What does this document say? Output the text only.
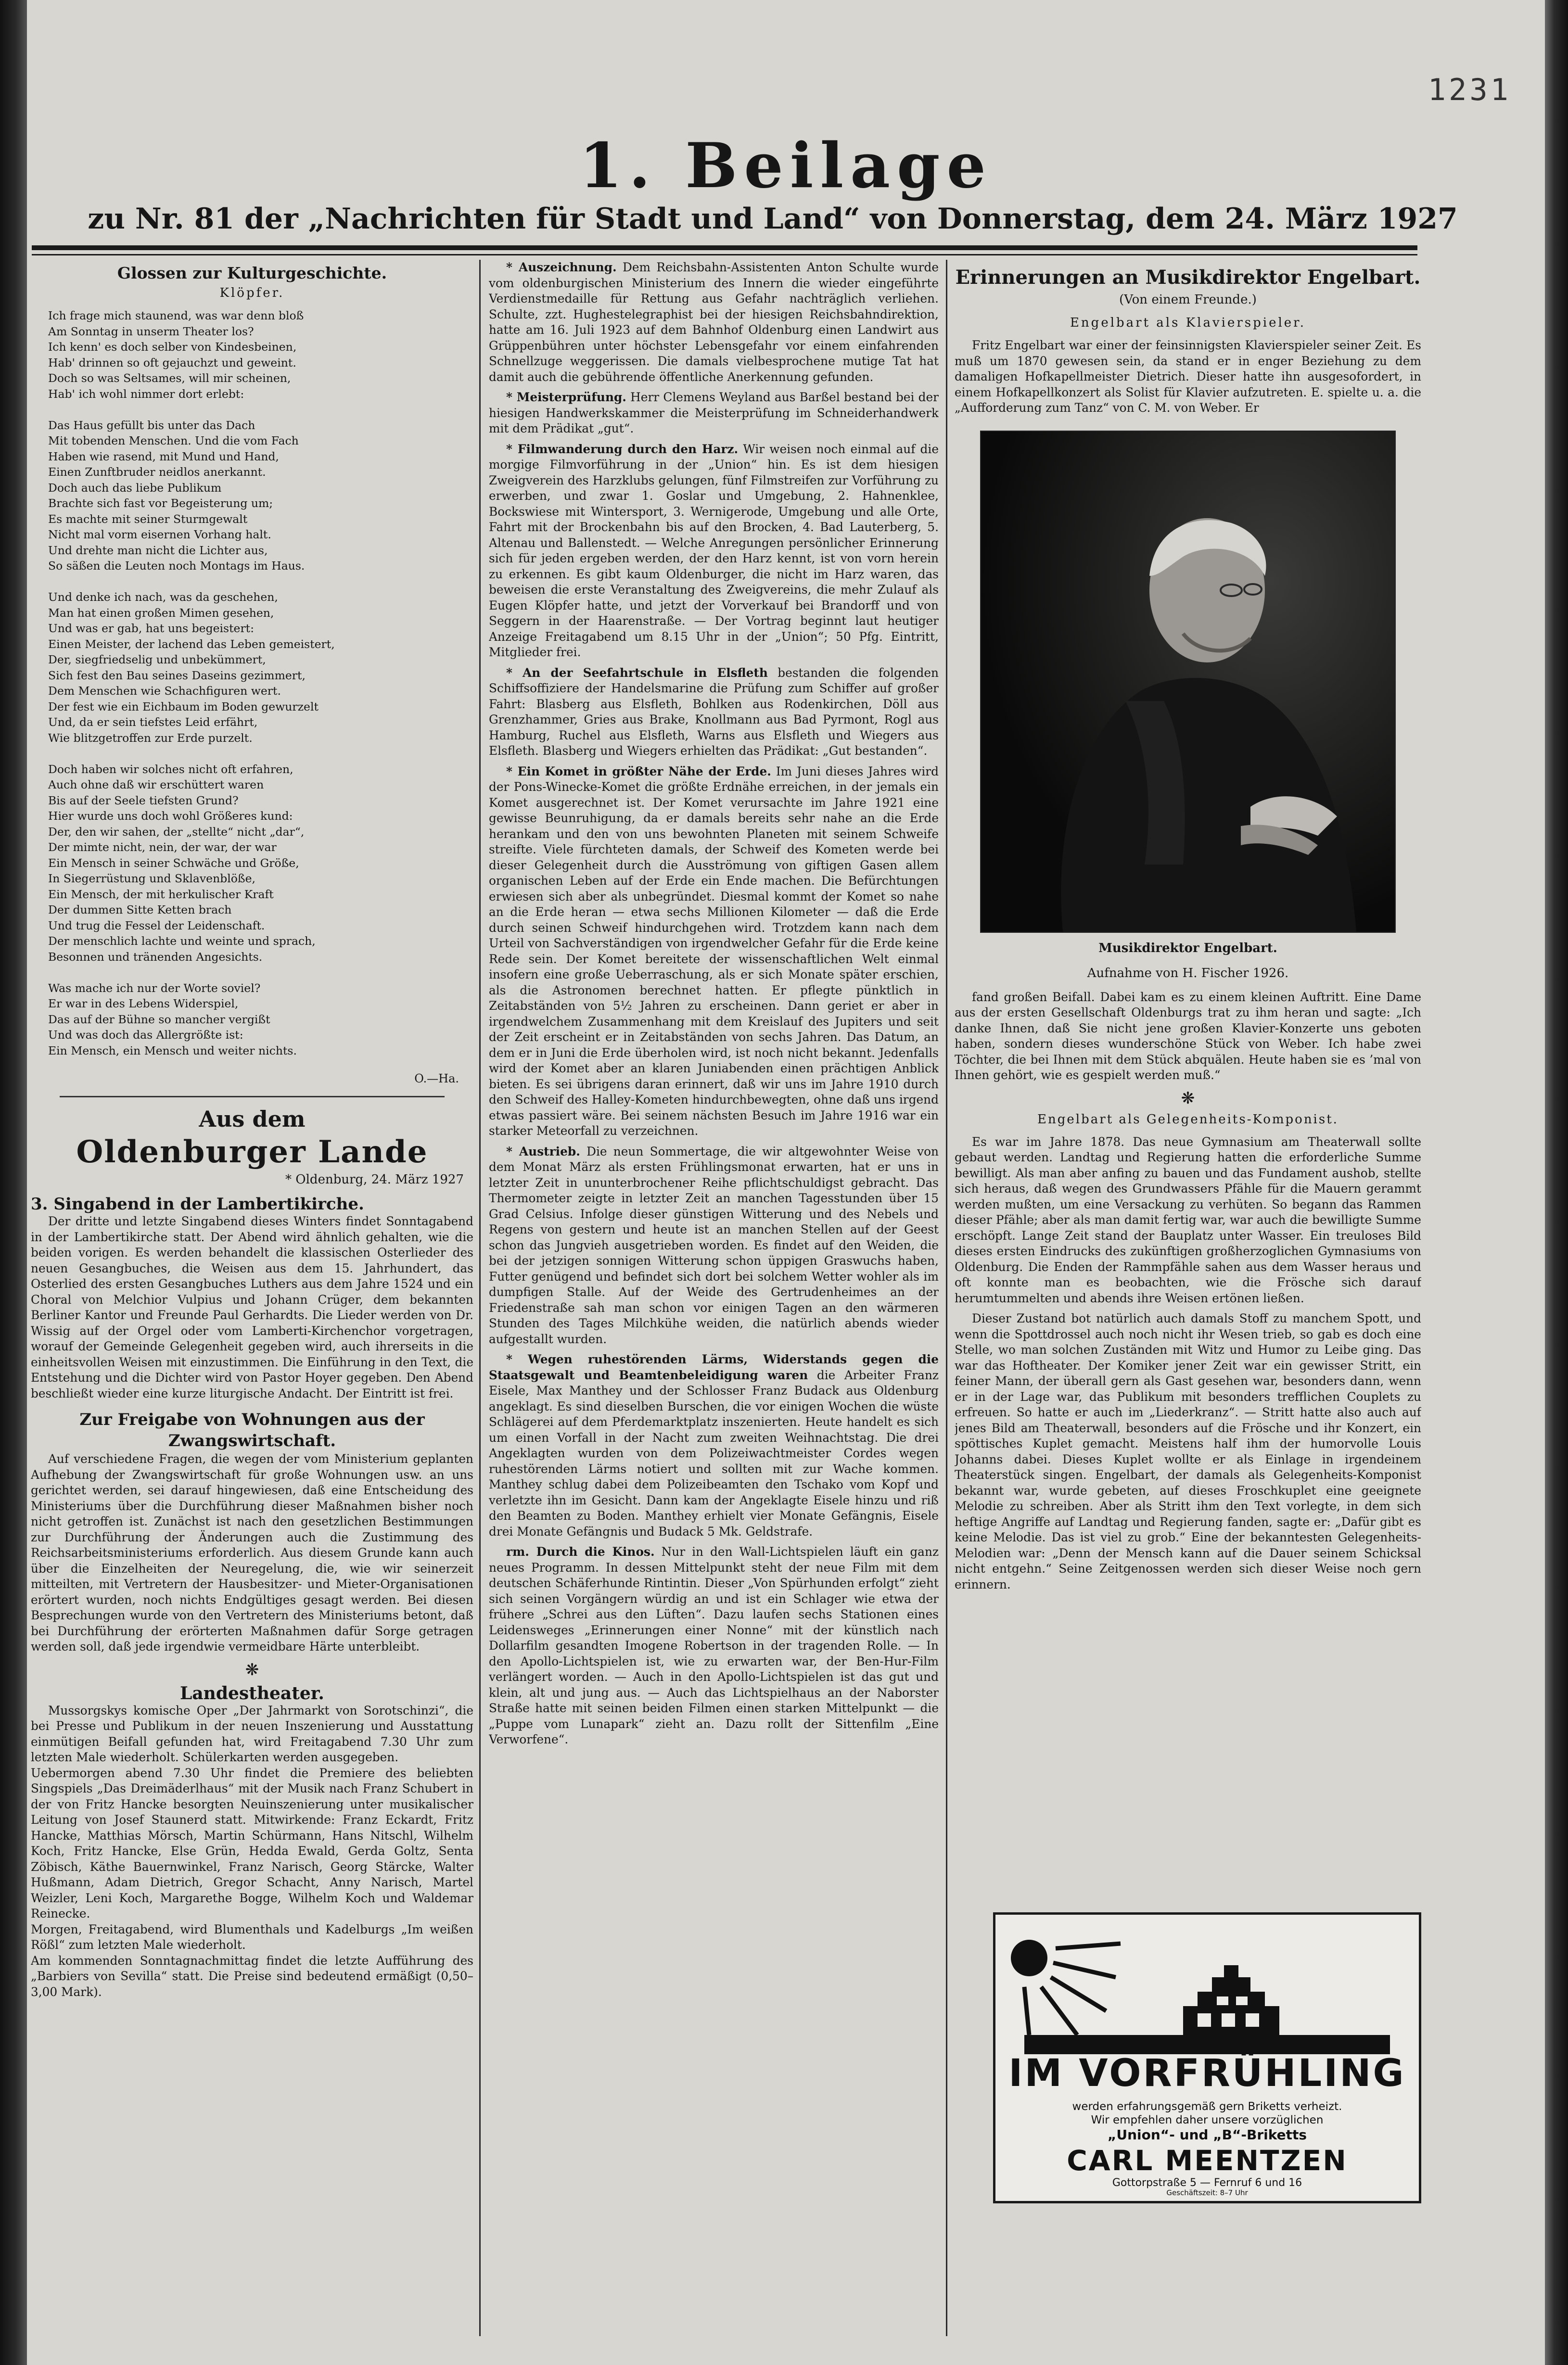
1231
1. Beilage
zu Nr. 81 der „Nachrichten für Stadt und Land“ von Donnerstag, dem 24. März 1927

Glossen zur Kulturgeschichte.

Klöpfer.
Ich frage mich staunend, was war denn bloß
Am Sonntag in unserm Theater los?
Ich kenn' es doch selber von Kindesbeinen,
Hab' drinnen so oft gejauchzt und geweint.
Doch so was Seltsames, will mir scheinen,
Hab' ich wohl nimmer dort erlebt:

Das Haus gefüllt bis unter das Dach
Mit tobenden Menschen. Und die vom Fach
Haben wie rasend, mit Mund und Hand,
Einen Zunftbruder neidlos anerkannt.
Doch auch das liebe Publikum
Brachte sich fast vor Begeisterung um;
Es machte mit seiner Sturmgewalt
Nicht mal vorm eisernen Vorhang halt.
Und drehte man nicht die Lichter aus,
So säßen die Leuten noch Montags im Haus.

Und denke ich nach, was da geschehen,
Man hat einen großen Mimen gesehen,
Und was er gab, hat uns begeistert:
Einen Meister, der lachend das Leben gemeistert,
Der, siegfriedselig und unbekümmert,
Sich fest den Bau seines Daseins gezimmert,
Dem Menschen wie Schachfiguren wert.
Der fest wie ein Eichbaum im Boden gewurzelt
Und, da er sein tiefstes Leid erfährt,
Wie blitzgetroffen zur Erde purzelt.

Doch haben wir solches nicht oft erfahren,
Auch ohne daß wir erschüttert waren
Bis auf der Seele tiefsten Grund?
Hier wurde uns doch wohl Größeres kund:
Der, den wir sahen, der „stellte“ nicht „dar“,
Der mimte nicht, nein, der war, der war
Ein Mensch in seiner Schwäche und Größe,
In Siegerrüstung und Sklavenblöße,
Ein Mensch, der mit herkulischer Kraft
Der dummen Sitte Ketten brach
Und trug die Fessel der Leidenschaft.
Der menschlich lachte und weinte und sprach,
Besonnen und tränenden Angesichts.

Was mache ich nur der Worte soviel?
Er war in des Lebens Widerspiel,
Das auf der Bühne so mancher vergißt
Und was doch das Allergrößte ist:
Ein Mensch, ein Mensch und weiter nichts.
O.—Ha.

Aus dem

Oldenburger Lande

* Oldenburg, 24. März 1927

3. Singabend in der Lambertikirche.

Der dritte und letzte Singabend dieses Winters findet Sonntagabend in der Lambertikirche statt. Der Abend wird ähnlich gehalten, wie die beiden vorigen. Es werden behandelt die klassischen Osterlieder des neuen Gesangbuches, die Weisen aus dem 15. Jahrhundert, das Osterlied des ersten Gesangbuches Luthers aus dem Jahre 1524 und ein Choral von Melchior Vulpius und Johann Crüger, dem bekannten Berliner Kantor und Freunde Paul Gerhardts. Die Lieder werden von Dr. Wissig auf der Orgel oder vom Lamberti-Kirchenchor vorgetragen, worauf der Gemeinde Gelegenheit gegeben wird, auch ihrerseits in die einheitsvollen Weisen mit einzustimmen. Die Einführung in den Text, die Entstehung und die Dichter wird von Pastor Hoyer gegeben. Den Abend beschließt wieder eine kurze liturgische Andacht. Der Eintritt ist frei.

Zur Freigabe von Wohnungen aus der Zwangswirtschaft.

Auf verschiedene Fragen, die wegen der vom Ministerium geplanten Aufhebung der Zwangswirtschaft für große Wohnungen usw. an uns gerichtet werden, sei darauf hingewiesen, daß eine Entscheidung des Ministeriums über die Durchführung dieser Maßnahmen bisher noch nicht getroffen ist. Zunächst ist nach den gesetzlichen Bestimmungen zur Durchführung der Änderungen auch die Zustimmung des Reichsarbeitsministeriums erforderlich. Aus diesem Grunde kann auch über die Einzelheiten der Neuregelung, die, wie wir seinerzeit mitteilten, mit Vertretern der Hausbesitzer- und Mieter-Organisationen erörtert wurden, noch nichts Endgültiges gesagt werden. Bei diesen Besprechungen wurde von den Vertretern des Ministeriums betont, daß bei Durchführung der erörterten Maßnahmen dafür Sorge getragen werden soll, daß jede irgendwie vermeidbare Härte unterbleibt.

❋

Landestheater.

Mussorgskys komische Oper „Der Jahrmarkt von Sorotschinzi“, die bei Presse und Publikum in der neuen Inszenierung und Ausstattung einmütigen Beifall gefunden hat, wird Freitagabend 7.30 Uhr zum letzten Male wiederholt. Schülerkarten werden ausgegeben.
Uebermorgen abend 7.30 Uhr findet die Premiere des beliebten Singspiels „Das Dreimäderlhaus“ mit der Musik nach Franz Schubert in der von Fritz Hancke besorgten Neuinszenierung unter musikalischer Leitung von Josef Staunerd statt. Mitwirkende: Franz Eckardt, Fritz Hancke, Matthias Mörsch, Martin Schürmann, Hans Nitschl, Wilhelm Koch, Fritz Hancke, Else Grün, Hedda Ewald, Gerda Goltz, Senta Zöbisch, Käthe Bauernwinkel, Franz Narisch, Georg Stärcke, Walter Hußmann, Adam Dietrich, Gregor Schacht, Anny Narisch, Martel Weizler, Leni Koch, Margarethe Bogge, Wilhelm Koch und Waldemar Reinecke.
Morgen, Freitagabend, wird Blumenthals und Kadelburgs „Im weißen Rößl“ zum letzten Male wiederholt.
Am kommenden Sonntagnachmittag findet die letzte Aufführung des „Barbiers von Sevilla“ statt. Die Preise sind bedeutend ermäßigt (0,50–3,00 Mark).

* Auszeichnung. Dem Reichsbahn-Assistenten Anton Schulte wurde vom oldenburgischen Ministerium des Innern die wieder eingeführte Verdienstmedaille für Rettung aus Gefahr nachträglich verliehen. Schulte, zzt. Hughestelegraphist bei der hiesigen Reichsbahndirektion, hatte am 16. Juli 1923 auf dem Bahnhof Oldenburg einen Landwirt aus Grüppenbühren unter höchster Lebensgefahr vor einem einfahrenden Schnellzuge weggerissen. Die damals vielbesprochene mutige Tat hat damit auch die gebührende öffentliche Anerkennung gefunden.

* Meisterprüfung. Herr Clemens Weyland aus Barßel bestand bei der hiesigen Handwerkskammer die Meisterprüfung im Schneiderhandwerk mit dem Prädikat „gut“.

* Filmwanderung durch den Harz. Wir weisen noch einmal auf die morgige Filmvorführung in der „Union“ hin. Es ist dem hiesigen Zweigverein des Harzklubs gelungen, fünf Filmstreifen zur Vorführung zu erwerben, und zwar 1. Goslar und Umgebung, 2. Hahnenklee, Bockswiese mit Wintersport, 3. Wernigerode, Umgebung und alle Orte, Fahrt mit der Brockenbahn bis auf den Brocken, 4. Bad Lauterberg, 5. Altenau und Ballenstedt. — Welche Anregungen persönlicher Erinnerung sich für jeden ergeben werden, der den Harz kennt, ist von vorn herein zu erkennen. Es gibt kaum Oldenburger, die nicht im Harz waren, das beweisen die erste Veranstaltung des Zweigvereins, die mehr Zulauf als Eugen Klöpfer hatte, und jetzt der Vorverkauf bei Brandorff und von Seggern in der Haarenstraße. — Der Vortrag beginnt laut heutiger Anzeige Freitagabend um 8.15 Uhr in der „Union“; 50 Pfg. Eintritt, Mitglieder frei.

* An der Seefahrtschule in Elsfleth bestanden die folgenden Schiffsoffiziere der Handelsmarine die Prüfung zum Schiffer auf großer Fahrt: Blasberg aus Elsfleth, Bohlken aus Rodenkirchen, Döll aus Grenzhammer, Gries aus Brake, Knollmann aus Bad Pyrmont, Rogl aus Hamburg, Ruchel aus Elsfleth, Warns aus Elsfleth und Wiegers aus Elsfleth. Blasberg und Wiegers erhielten das Prädikat: „Gut bestanden“.

* Ein Komet in größter Nähe der Erde. Im Juni dieses Jahres wird der Pons-Winecke-Komet die größte Erdnähe erreichen, in der jemals ein Komet ausgerechnet ist. Der Komet verursachte im Jahre 1921 eine gewisse Beunruhigung, da er damals bereits sehr nahe an die Erde herankam und den von uns bewohnten Planeten mit seinem Schweife streifte. Viele fürchteten damals, der Schweif des Kometen werde bei dieser Gelegenheit durch die Ausströmung von giftigen Gasen allem organischen Leben auf der Erde ein Ende machen. Die Befürchtungen erwiesen sich aber als unbegründet. Diesmal kommt der Komet so nahe an die Erde heran — etwa sechs Millionen Kilometer — daß die Erde durch seinen Schweif hindurchgehen wird. Trotzdem kann nach dem Urteil von Sachverständigen von irgendwelcher Gefahr für die Erde keine Rede sein. Der Komet bereitete der wissenschaftlichen Welt einmal insofern eine große Ueberraschung, als er sich Monate später erschien, als die Astronomen berechnet hatten. Er pflegte pünktlich in Zeitabständen von 5½ Jahren zu erscheinen. Dann geriet er aber in irgendwelchem Zusammenhang mit dem Kreislauf des Jupiters und seit der Zeit erscheint er in Zeitabständen von sechs Jahren. Das Datum, an dem er in Juni die Erde überholen wird, ist noch nicht bekannt. Jedenfalls wird der Komet aber an klaren Juniabenden einen prächtigen Anblick bieten. Es sei übrigens daran erinnert, daß wir uns im Jahre 1910 durch den Schweif des Halley-Kometen hindurchbewegten, ohne daß uns irgend etwas passiert wäre. Bei seinem nächsten Besuch im Jahre 1916 war ein starker Meteorfall zu verzeichnen.

* Austrieb. Die neun Sommertage, die wir altgewohnter Weise von dem Monat März als ersten Frühlingsmonat erwarten, hat er uns in letzter Zeit in ununterbrochener Reihe pflichtschuldigst gebracht. Das Thermometer zeigte in letzter Zeit an manchen Tagesstunden über 15 Grad Celsius. Infolge dieser günstigen Witterung und des Nebels und Regens von gestern und heute ist an manchen Stellen auf der Geest schon das Jungvieh ausgetrieben worden. Es findet auf den Weiden, die bei der jetzigen sonnigen Witterung schon üppigen Graswuchs haben, Futter genügend und befindet sich dort bei solchem Wetter wohler als im dumpfigen Stalle. Auf der Weide des Gertrudenheimes an der Friedenstraße sah man schon vor einigen Tagen an den wärmeren Stunden des Tages Milchkühe weiden, die natürlich abends wieder aufgestallt wurden.

* Wegen ruhestörenden Lärms, Widerstands gegen die Staatsgewalt und Beamtenbeleidigung waren die Arbeiter Franz Eisele, Max Manthey und der Schlosser Franz Budack aus Oldenburg angeklagt. Es sind dieselben Burschen, die vor einigen Wochen die wüste Schlägerei auf dem Pferdemarktplatz inszenierten. Heute handelt es sich um einen Vorfall in der Nacht zum zweiten Weihnachtstag. Die drei Angeklagten wurden von dem Polizeiwachtmeister Cordes wegen ruhestörenden Lärms notiert und sollten mit zur Wache kommen. Manthey schlug dabei dem Polizeibeamten den Tschako vom Kopf und verletzte ihn im Gesicht. Dann kam der Angeklagte Eisele hinzu und riß den Beamten zu Boden. Manthey erhielt vier Monate Gefängnis, Eisele drei Monate Gefängnis und Budack 5 Mk. Geldstrafe.

rm. Durch die Kinos. Nur in den Wall-Lichtspielen läuft ein ganz neues Programm. In dessen Mittelpunkt steht der neue Film mit dem deutschen Schäferhunde Rintintin. Dieser „Von Spürhunden erfolgt“ zieht sich seinen Vorgängern würdig an und ist ein Schlager wie etwa der frühere „Schrei aus den Lüften“. Dazu laufen sechs Stationen eines Leidensweges „Erinnerungen einer Nonne“ mit der künstlich nach Dollarfilm gesandten Imogene Robertson in der tragenden Rolle. — In den Apollo-Lichtspielen ist, wie zu erwarten war, der Ben-Hur-Film verlängert worden. — Auch in den Apollo-Lichtspielen ist das gut und klein, alt und jung aus. — Auch das Lichtspielhaus an der Naborster Straße hatte mit seinen beiden Filmen einen starken Mittelpunkt — die „Puppe vom Lunapark“ zieht an. Dazu rollt der Sittenfilm „Eine Verworfene“.

Erinnerungen an Musikdirektor Engelbart.

(Von einem Freunde.)
Engelbart als Klavierspieler.

Fritz Engelbart war einer der feinsinnigsten Klavierspieler seiner Zeit. Es muß um 1870 gewesen sein, da stand er in enger Beziehung zu dem damaligen Hofkapellmeister Dietrich. Dieser hatte ihn ausgesofordert, in einem Hofkapellkonzert als Solist für Klavier aufzutreten. E. spielte u. a. die „Aufforderung zum Tanz“ von C. M. von Weber. Er

Musikdirektor Engelbart.
Aufnahme von H. Fischer 1926.

fand großen Beifall. Dabei kam es zu einem kleinen Auftritt. Eine Dame aus der ersten Gesellschaft Oldenburgs trat zu ihm heran und sagte: „Ich danke Ihnen, daß Sie nicht jene großen Klavier-Konzerte uns geboten haben, sondern dieses wunderschöne Stück von Weber. Ich habe zwei Töchter, die bei Ihnen mit dem Stück abquälen. Heute haben sie es ’mal von Ihnen gehört, wie es gespielt werden muß.“

❋
Engelbart als Gelegenheits-Komponist.

Es war im Jahre 1878. Das neue Gymnasium am Theaterwall sollte gebaut werden. Landtag und Regierung hatten die erforderliche Summe bewilligt. Als man aber anfing zu bauen und das Fundament aushob, stellte sich heraus, daß wegen des Grundwassers Pfähle für die Mauern gerammt werden mußten, um eine Versackung zu verhüten. So begann das Rammen dieser Pfähle; aber als man damit fertig war, war auch die bewilligte Summe erschöpft. Lange Zeit stand der Bauplatz unter Wasser. Ein treuloses Bild dieses ersten Eindrucks des zukünftigen großherzoglichen Gymnasiums von Oldenburg. Die Enden der Rammpfähle sahen aus dem Wasser heraus und oft konnte man es beobachten, wie die Frösche sich darauf herumtummelten und abends ihre Weisen ertönen ließen.

Dieser Zustand bot natürlich auch damals Stoff zu manchem Spott, und wenn die Spottdrossel auch noch nicht ihr Wesen trieb, so gab es doch eine Stelle, wo man solchen Zuständen mit Witz und Humor zu Leibe ging. Das war das Hoftheater. Der Komiker jener Zeit war ein gewisser Stritt, ein feiner Mann, der überall gern als Gast gesehen war, besonders dann, wenn er in der Lage war, das Publikum mit besonders trefflichen Couplets zu erfreuen. So hatte er auch im „Liederkranz“. — Stritt hatte also auch auf jenes Bild am Theaterwall, besonders auf die Frösche und ihr Konzert, ein spöttisches Kuplet gemacht. Meistens half ihm der humorvolle Louis Johanns dabei. Dieses Kuplet wollte er als Einlage in irgendeinem Theaterstück singen. Engelbart, der damals als Gelegenheits-Komponist bekannt war, wurde gebeten, auf dieses Froschkuplet eine geeignete Melodie zu schreiben. Aber als Stritt ihm den Text vorlegte, in dem sich heftige Angriffe auf Landtag und Regierung fanden, sagte er: „Dafür gibt es keine Melodie. Das ist viel zu grob.“ Eine der bekanntesten Gelegenheits-Melodien war: „Denn der Mensch kann auf die Dauer seinem Schicksal nicht entgehn.“ Seine Zeitgenossen werden sich dieser Weise noch gern erinnern.

IM VORFRÜHLING
werden erfahrungsgemäß gern Briketts verheizt.
Wir empfehlen daher unsere vorzüglichen
„Union“- und „B“-Briketts
CARL MEENTZEN
Gottorpstraße 5 — Fernruf 6 und 16
Geschäftszeit: 8–7 Uhr
